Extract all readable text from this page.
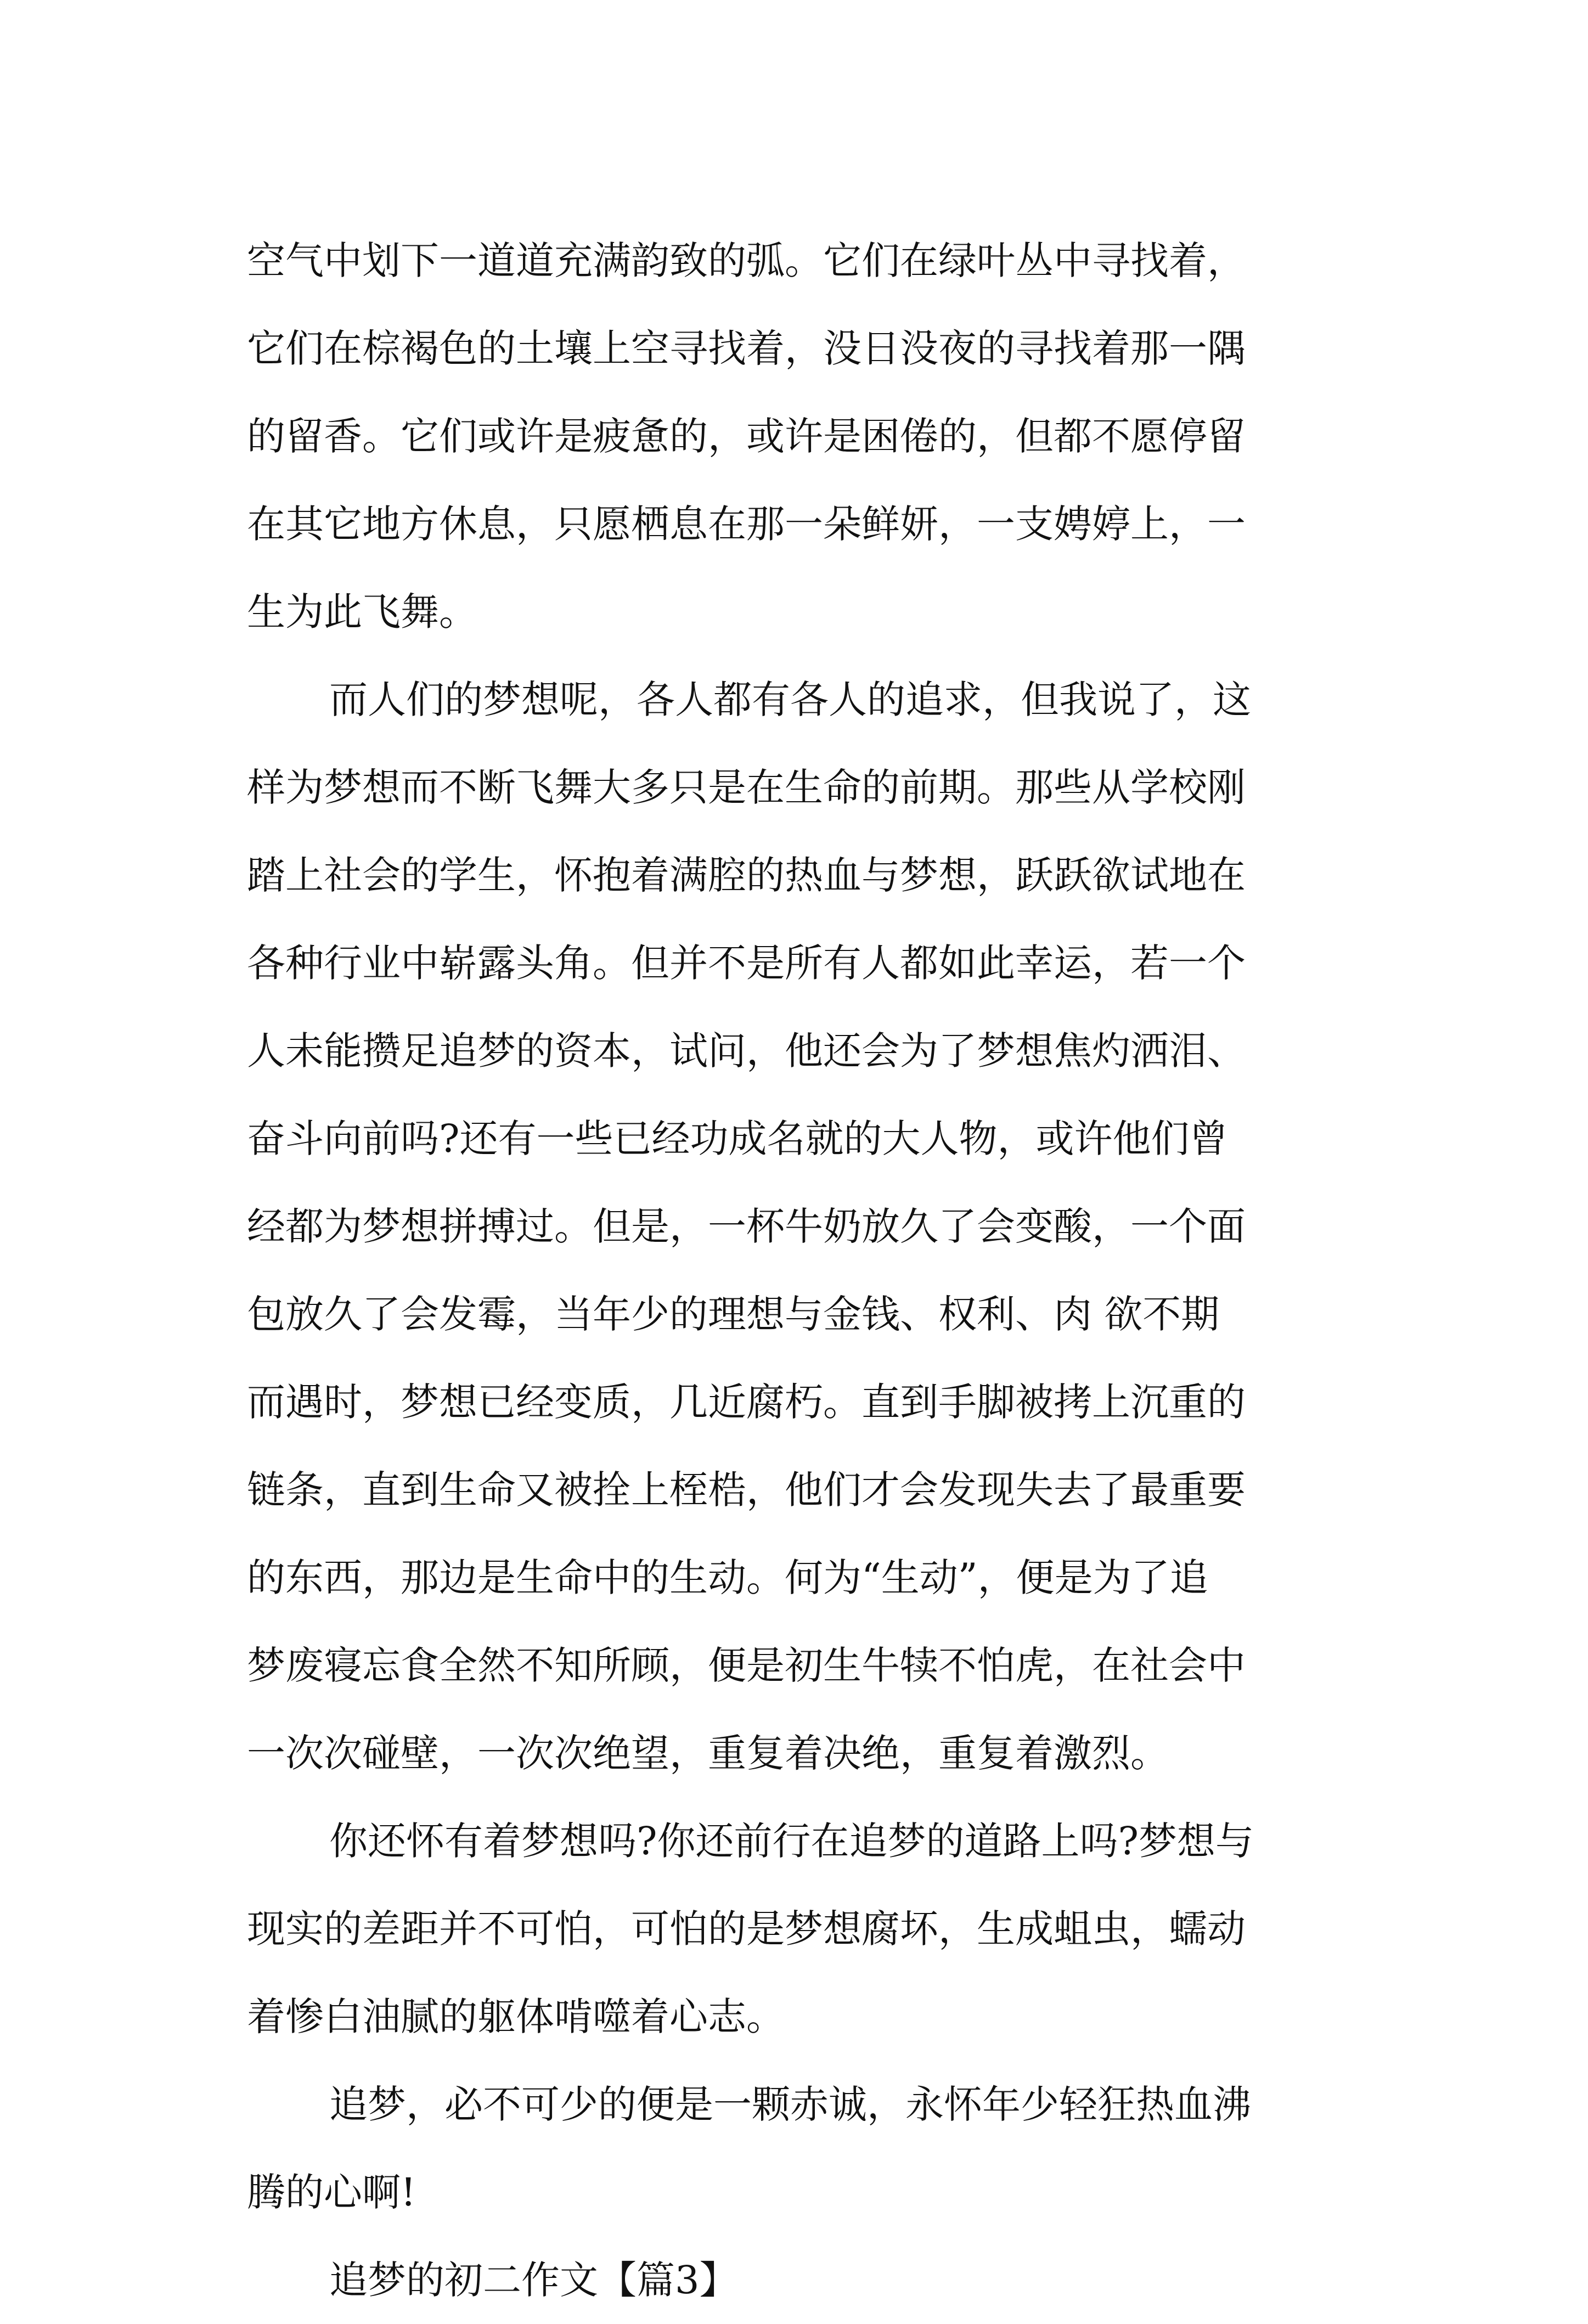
空气中划下一道道充满韵致的弧。它们在绿叶丛中寻找着，
它们在棕褐色的土壤上空寻找着，没日没夜的寻找着那一隅
的留香。它们或许是疲惫的，或许是困倦的，但都不愿停留
在其它地方休息，只愿栖息在那一朵鲜妍，一支娉婷上，一
生为此飞舞。
而人们的梦想呢，各人都有各人的追求，但我说了，这
样为梦想而不断飞舞大多只是在生命的前期。那些从学校刚
踏上社会的学生，怀抱着满腔的热血与梦想，跃跃欲试地在
各种行业中崭露头角。但并不是所有人都如此幸运，若一个
人未能攒足追梦的资本，试问，他还会为了梦想焦灼洒泪、
奋斗向前吗?还有一些已经功成名就的大人物，或许他们曾
经都为梦想拼搏过。但是，一杯牛奶放久了会变酸，一个面
包放久了会发霉，当年少的理想与金钱、权利、肉 欲不期
而遇时，梦想已经变质，几近腐朽。直到手脚被拷上沉重的
链条，直到生命又被拴上桎梏，他们才会发现失去了最重要
的东西，那边是生命中的生动。何为“生动”，便是为了追
梦废寝忘食全然不知所顾，便是初生牛犊不怕虎，在社会中
一次次碰壁，一次次绝望，重复着决绝，重复着激烈。
你还怀有着梦想吗?你还前行在追梦的道路上吗?梦想与
现实的差距并不可怕，可怕的是梦想腐坏，生成蛆虫，蠕动
着惨白油腻的躯体啃噬着心志。
追梦，必不可少的便是一颗赤诚，永怀年少轻狂热血沸
腾的心啊!
追梦的初二作文【篇3】
